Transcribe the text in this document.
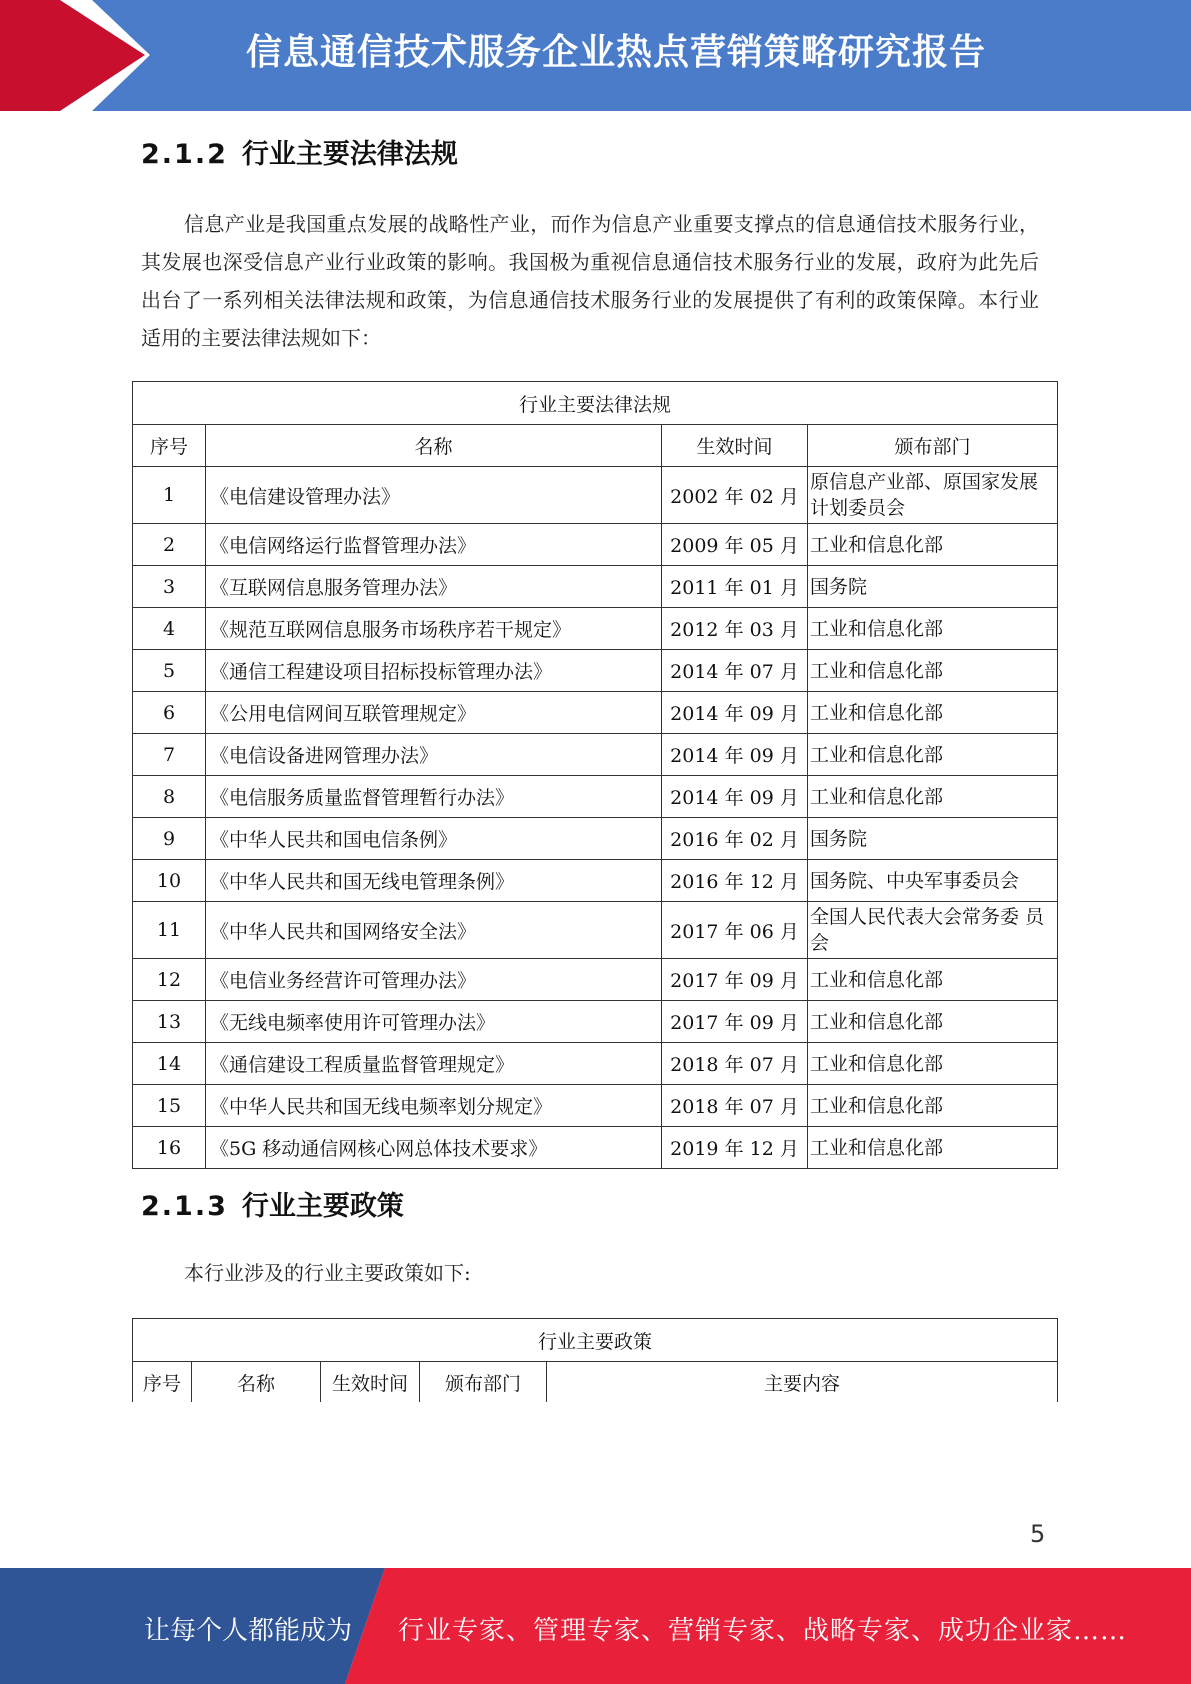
信息通信技术服务企业热点营销策略研究报告
2.1.2 行业主要法律法规
信息产业是我国重点发展的战略性产业，而作为信息产业重要支撑点的信息通信技术服务行业，其发展也深受信息产业行业政策的影响。我国极为重视信息通信技术服务行业的发展，政府为此先后出台了一系列相关法律法规和政策，为信息通信技术服务行业的发展提供了有利的政策保障。本行业适用的主要法律法规如下：
行业主要法律法规			
序号	名称	生效时间	颁布部门
1	《电信建设管理办法》	2002 年 02 月	原信息产业部、原国家发展计划委员会
2	《电信网络运行监督管理办法》	2009 年 05 月	工业和信息化部
3	《互联网信息服务管理办法》	2011 年 01 月	国务院
4	《规范互联网信息服务市场秩序若干规定》	2012 年 03 月	工业和信息化部
5	《通信工程建设项目招标投标管理办法》	2014 年 07 月	工业和信息化部
6	《公用电信网间互联管理规定》	2014 年 09 月	工业和信息化部
7	《电信设备进网管理办法》	2014 年 09 月	工业和信息化部
8	《电信服务质量监督管理暂行办法》	2014 年 09 月	工业和信息化部
9	《中华人民共和国电信条例》	2016 年 02 月	国务院
10	《中华人民共和国无线电管理条例》	2016 年 12 月	国务院、中央军事委员会
11	《中华人民共和国网络安全法》	2017 年 06 月	全国人民代表大会常务委 员会
12	《电信业务经营许可管理办法》	2017 年 09 月	工业和信息化部
13	《无线电频率使用许可管理办法》	2017 年 09 月	工业和信息化部
14	《通信建设工程质量监督管理规定》	2018 年 07 月	工业和信息化部
15	《中华人民共和国无线电频率划分规定》	2018 年 07 月	工业和信息化部
16	《5G 移动通信网核心网总体技术要求》	2019 年 12 月	工业和信息化部
2.1.3 行业主要政策
本行业涉及的行业主要政策如下:
行业主要政策
序号	名称	生效时间	颁布部门	主要内容
5
让每个人都能成为 行业专家、管理专家、营销专家、战略专家、成功企业家……
